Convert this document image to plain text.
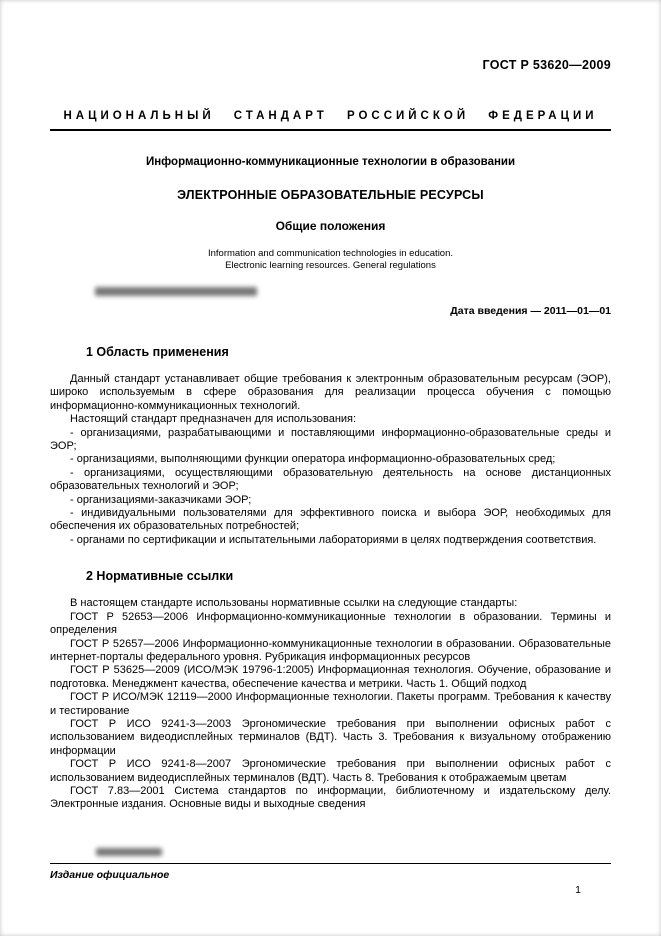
ГОСТ Р 53620—2009
НАЦИОНАЛЬНЫЙ СТАНДАРТ РОССИЙСКОЙ ФЕДЕРАЦИИ
Информационно-коммуникационные технологии в образовании
ЭЛЕКТРОННЫЕ ОБРАЗОВАТЕЛЬНЫЕ РЕСУРСЫ
Общие положения
Information and communication technologies in education.
Electronic learning resources. General regulations
Дата введения — 2011—01—01
1 Область применения

Данный стандарт устанавливает общие требования к электронным образовательным ресурсам (ЭОР), широко используемым в сфере образования для реализации процесса обучения с помощью информационно-коммуникационных технологий.

Настоящий стандарт предназначен для использования:

- организациями, разрабатывающими и поставляющими информационно-образовательные среды и ЭОР;

- организациями, выполняющими функции оператора информационно-образовательных сред;

- организациями, осуществляющими образовательную деятельность на основе дистанционных образовательных технологий и ЭОР;

- организациями-заказчиками ЭОР;

- индивидуальными пользователями для эффективного поиска и выбора ЭОР, необходимых для обеспечения их образовательных потребностей;

- органами по сертификации и испытательными лабораториями в целях подтверждения соответствия.

2 Нормативные ссылки

В настоящем стандарте использованы нормативные ссылки на следующие стандарты:

ГОСТ Р 52653—2006 Информационно-коммуникационные технологии в образовании. Термины и определения

ГОСТ Р 52657—2006 Информационно-коммуникационные технологии в образовании. Образовательные интернет-порталы федерального уровня. Рубрикация информационных ресурсов

ГОСТ Р 53625—2009 (ИСО/МЭК 19796-1:2005) Информационная технология. Обучение, образование и подготовка. Менеджмент качества, обеспечение качества и метрики. Часть 1. Общий подход

ГОСТ Р ИСО/МЭК 12119—2000 Информационные технологии. Пакеты программ. Требования к качеству и тестирование

ГОСТ Р ИСО 9241-3—2003 Эргономические требования при выполнении офисных работ с использованием видеодисплейных терминалов (ВДТ). Часть 3. Требования к визуальному отображению информации

ГОСТ Р ИСО 9241-8—2007 Эргономические требования при выполнении офисных работ с использованием видеодисплейных терминалов (ВДТ). Часть 8. Требования к отображаемым цветам

ГОСТ 7.83—2001 Система стандартов по информации, библиотечному и издательскому делу. Электронные издания. Основные виды и выходные сведения

Издание официальное
1
